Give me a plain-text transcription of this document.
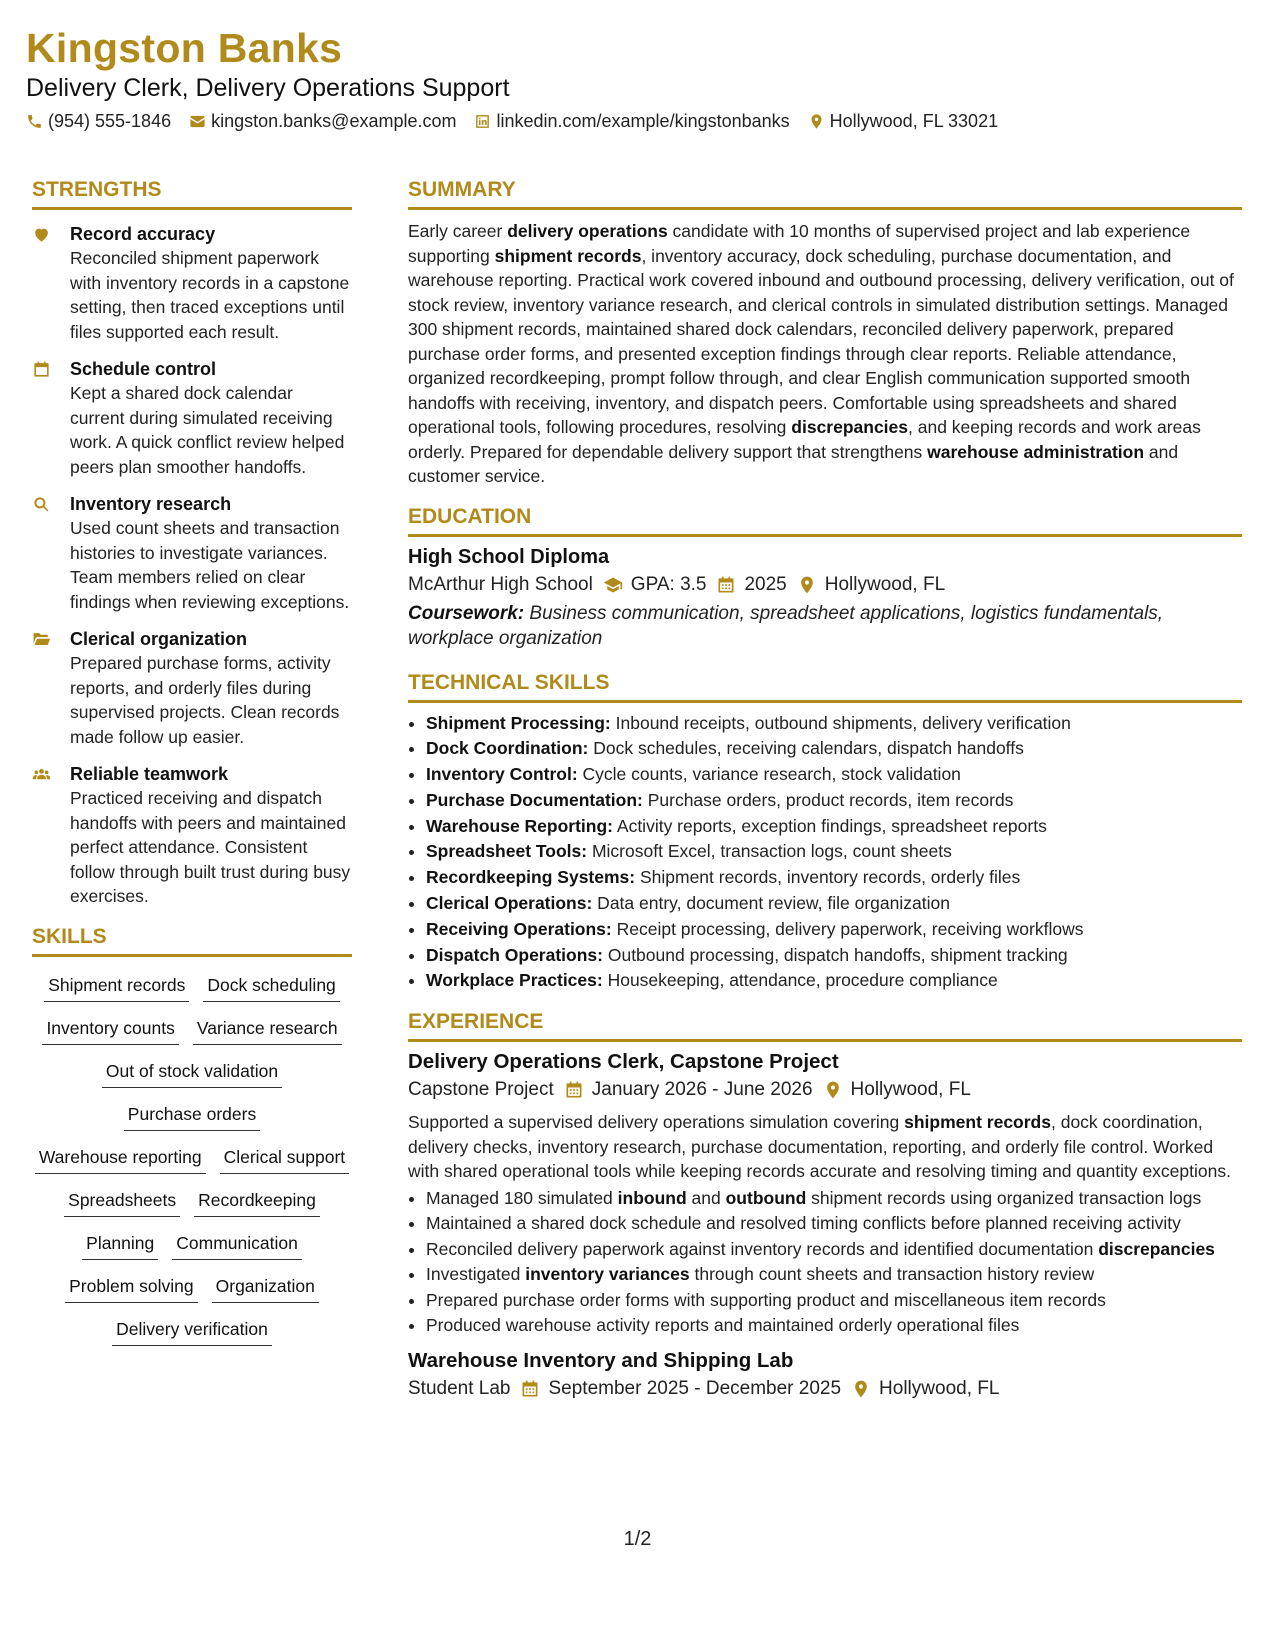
Kingston Banks
Delivery Clerk, Delivery Operations Support
(954) 555-1846 kingston.banks@example.com linkedin.com/example/kingstonbanks Hollywood, FL 33021
STRENGTHS
Record accuracy
Reconciled shipment paperwork with inventory records in a capstone setting, then traced exceptions until files supported each result.
Schedule control
Kept a shared dock calendar current during simulated receiving work. A quick conflict review helped peers plan smoother handoffs.
Inventory research
Used count sheets and transaction histories to investigate variances. Team members relied on clear findings when reviewing exceptions.
Clerical organization
Prepared purchase forms, activity reports, and orderly files during supervised projects. Clean records made follow up easier.
Reliable teamwork
Practiced receiving and dispatch handoffs with peers and maintained perfect attendance. Consistent follow through built trust during busy exercises.
SKILLS
Shipment records Dock scheduling
Inventory counts Variance research
Out of stock validation
Purchase orders
Warehouse reporting Clerical support
Spreadsheets Recordkeeping
Planning Communication
Problem solving Organization
Delivery verification
SUMMARY
Early career delivery operations candidate with 10 months of supervised project and lab experience supporting shipment records, inventory accuracy, dock scheduling, purchase documentation, and warehouse reporting. Practical work covered inbound and outbound processing, delivery verification, out of stock review, inventory variance research, and clerical controls in simulated distribution settings. Managed 300 shipment records, maintained shared dock calendars, reconciled delivery paperwork, prepared purchase order forms, and presented exception findings through clear reports. Reliable attendance, organized recordkeeping, prompt follow through, and clear English communication supported smooth handoffs with receiving, inventory, and dispatch peers. Comfortable using spreadsheets and shared operational tools, following procedures, resolving discrepancies, and keeping records and work areas orderly. Prepared for dependable delivery support that strengthens warehouse administration and customer service.
EDUCATION
High School Diploma
McArthur High School GPA: 3.5 2025 Hollywood, FL
Coursework: Business communication, spreadsheet applications, logistics fundamentals, workplace organization
TECHNICAL SKILLS
• Shipment Processing: Inbound receipts, outbound shipments, delivery verification
• Dock Coordination: Dock schedules, receiving calendars, dispatch handoffs
• Inventory Control: Cycle counts, variance research, stock validation
• Purchase Documentation: Purchase orders, product records, item records
• Warehouse Reporting: Activity reports, exception findings, spreadsheet reports
• Spreadsheet Tools: Microsoft Excel, transaction logs, count sheets
• Recordkeeping Systems: Shipment records, inventory records, orderly files
• Clerical Operations: Data entry, document review, file organization
• Receiving Operations: Receipt processing, delivery paperwork, receiving workflows
• Dispatch Operations: Outbound processing, dispatch handoffs, shipment tracking
• Workplace Practices: Housekeeping, attendance, procedure compliance
EXPERIENCE
Delivery Operations Clerk, Capstone Project
Capstone Project January 2026 - June 2026 Hollywood, FL
Supported a supervised delivery operations simulation covering shipment records, dock coordination, delivery checks, inventory research, purchase documentation, reporting, and orderly file control. Worked with shared operational tools while keeping records accurate and resolving timing and quantity exceptions.
• Managed 180 simulated inbound and outbound shipment records using organized transaction logs
• Maintained a shared dock schedule and resolved timing conflicts before planned receiving activity
• Reconciled delivery paperwork against inventory records and identified documentation discrepancies
• Investigated inventory variances through count sheets and transaction history review
• Prepared purchase order forms with supporting product and miscellaneous item records
• Produced warehouse activity reports and maintained orderly operational files
Warehouse Inventory and Shipping Lab
Student Lab September 2025 - December 2025 Hollywood, FL
1/2
